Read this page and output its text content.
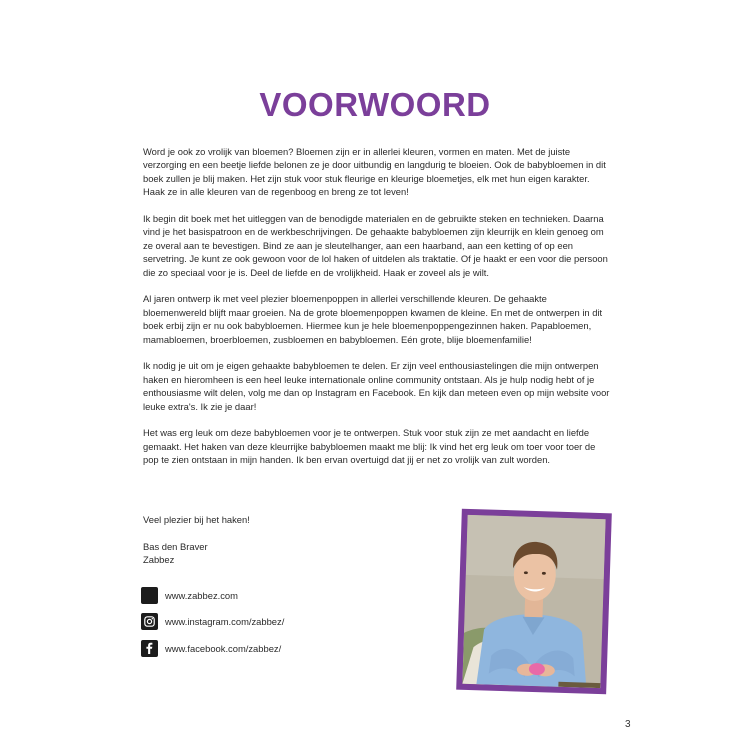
VOORWOORD

Word je ook zo vrolijk van bloemen? Bloemen zijn er in allerlei kleuren, vormen en maten. Met de juiste verzorging en een beetje liefde belonen ze je door uitbundig en langdurig te bloeien. Ook de babybloemen in dit boek zullen je blij maken. Het zijn stuk voor stuk fleurige en kleurige bloemetjes, elk met hun eigen karakter. Haak ze in alle kleuren van de regenboog en breng ze tot leven!

Ik begin dit boek met het uitleggen van de benodigde materialen en de gebruikte steken en technieken. Daarna vind je het basispatroon en de werkbeschrijvingen. De gehaakte babybloemen zijn kleurrijk en klein genoeg om ze overal aan te bevestigen. Bind ze aan je sleutelhanger, aan een haarband, aan een ketting of op een servetring. Je kunt ze ook gewoon voor de lol haken of uitdelen als traktatie. Of je haakt er een voor die persoon die zo speciaal voor je is. Deel de liefde en de vrolijkheid. Haak er zoveel als je wilt.

Al jaren ontwerp ik met veel plezier bloemenpoppen in allerlei verschillende kleuren. De gehaakte bloemenwereld blijft maar groeien. Na de grote bloemenpoppen kwamen de kleine. En met de ontwerpen in dit boek erbij zijn er nu ook babybloemen. Hiermee kun je hele bloemenpoppengezinnen haken. Papabloemen, mamabloemen, broerbloemen, zusbloemen en babybloemen. Eén grote, blije bloemenfamilie!

Ik nodig je uit om je eigen gehaakte babybloemen te delen. Er zijn veel enthousiastelingen die mijn ontwerpen haken en hieromheen is een heel leuke internationale online community ontstaan. Als je hulp nodig hebt of je enthousiasme wilt delen, volg me dan op Instagram en Facebook. En kijk dan meteen even op mijn website voor leuke extra's. Ik zie je daar!

Het was erg leuk om deze babybloemen voor je te ontwerpen. Stuk voor stuk zijn ze met aandacht en liefde gemaakt. Het haken van deze kleurrijke babybloemen maakt me blij: Ik vind het erg leuk om toer voor toer de pop te zien ontstaan in mijn handen. Ik ben ervan overtuigd dat jij er net zo vrolijk van zult worden.

Veel plezier bij het haken!

Bas den Braver

Zabbez

www.zabbez.com
www.instagram.com/zabbez/
www.facebook.com/zabbez/
3
